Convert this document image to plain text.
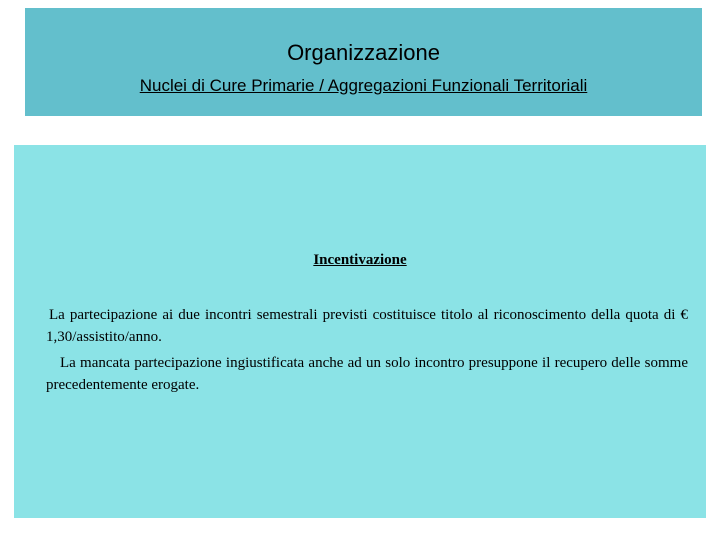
Organizzazione
Nuclei di Cure Primarie / Aggregazioni Funzionali Territoriali
Incentivazione

La partecipazione ai due incontri semestrali previsti costituisce titolo al riconoscimento della quota di € 1,30/assistito/anno.

La mancata partecipazione ingiustificata anche ad un solo incontro presuppone il recupero delle somme precedentemente erogate.
